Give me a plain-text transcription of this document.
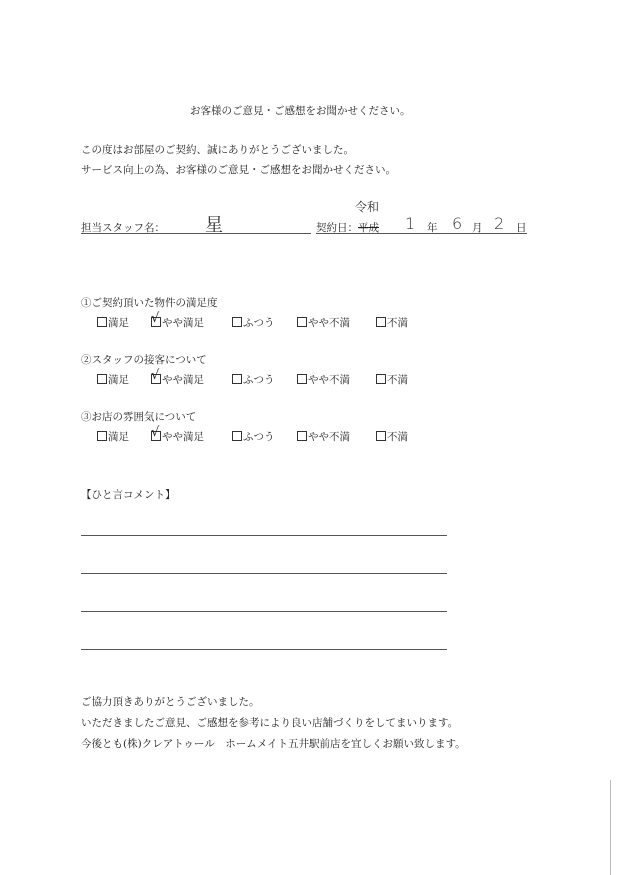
お客様のご意見・ご感想をお聞かせください。
この度はお部屋のご契約、誠にありがとうございました。
サービス向上の為、お客様のご意見・ご感想をお聞かせください。
担当スタッフ名： 星	契約日：
令和
平成 1 年 6 月 2 日
①ご契約頂いた物件の満足度
満足 √ やや満足	ふつう	やや不満	不満
②スタッフの接客について
満足 √ やや満足	ふつう	やや不満	不満
③お店の雰囲気について
満足 √ やや満足	ふつう	やや不満	不満
【ひと言コメント】
ご協力頂きありがとうございました。
いただきましたご意見、ご感想を参考により良い店舗づくりをしてまいります。
今後とも(株)クレアトゥール　ホームメイト五井駅前店を宜しくお願い致します。
